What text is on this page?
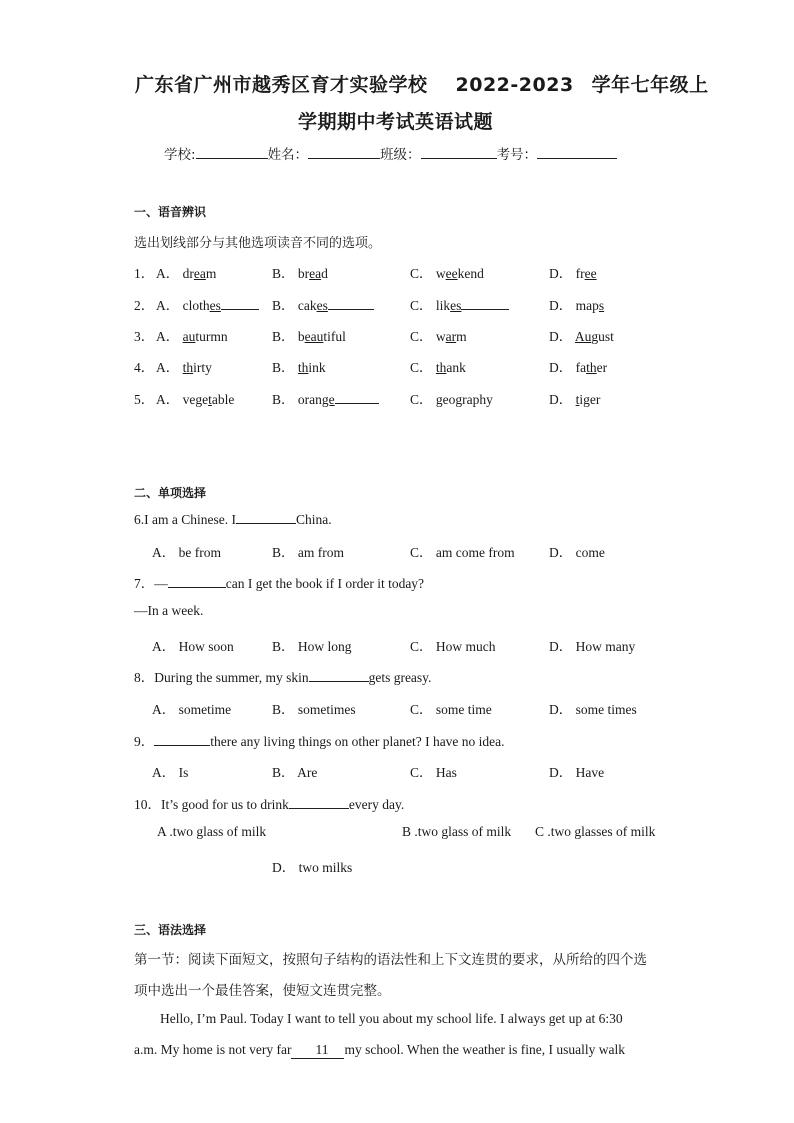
广东省广州市越秀区育才实验学校 2022-2023 学年七年级上
学期期中考试英语试题
学校:	姓名：	班级：	考号：
一、语音辨识
选出划线部分与其他选项读音不同的选项。
1． A． dream	B． bread	C． weekend	D． free
2． A． clothes	B． cakes	C． likes	D． maps
3． A． auturmn	B． beautiful	C． warm	D． August
4． A． thirty	B． think	C． thank	D． father
5． A． vegetable	B． orange	C． geography	D． tiger
二、单项选择
6.I am a Chinese. I	China.
7．—	can I get the book if I order it today?
—In a week.
8．During the summer, my skin	gets greasy.
9．	there any living things on other planet? I have no idea.
10．It’s good for us to drink	every day.
A． be from	B． am from	C． am come from	D． come
A． How soon	B． How long	C． How much	D． How many
A． sometime	B． sometimes	C． some time	D． some times
A． Is	B． Are	C． Has	D． Have
A .two glass of milk	B .two glass of milk C .two glasses of milk
D． two milks
三、语法选择
第一节：阅读下面短文，按照句子结构的语法性和上下文连贯的要求，从所给的四个选
项中选出一个最佳答案，使短文连贯完整。
Hello, I’m Paul. Today I want to tell you about my school life. I always get up at 6:30
a.m. My home is not very far 11 my school. When the weather is fine, I usually walk
